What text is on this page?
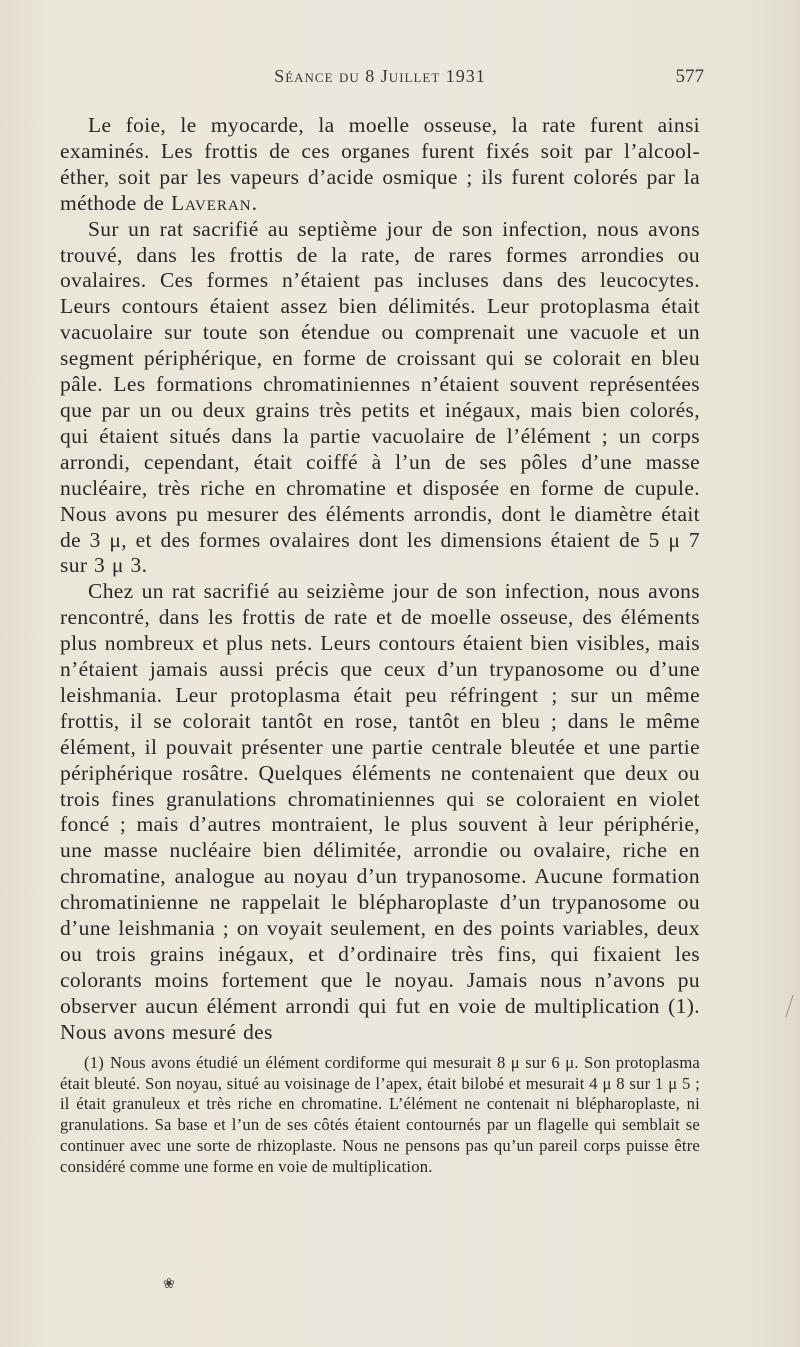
Séance du 8 Juillet 1931	577

Le foie, le myocarde, la moelle osseuse, la rate furent ainsi examinés. Les frottis de ces organes furent fixés soit par l’alcool-éther, soit par les vapeurs d’acide osmique ; ils furent colorés par la méthode de Laveran.

Sur un rat sacrifié au septième jour de son infection, nous avons trouvé, dans les frottis de la rate, de rares formes arrondies ou ovalaires. Ces formes n’étaient pas incluses dans des leucocytes. Leurs contours étaient assez bien délimités. Leur protoplasma était vacuolaire sur toute son étendue ou comprenait une vacuole et un segment périphérique, en forme de croissant qui se colorait en bleu pâle. Les formations chromatiniennes n’étaient souvent représentées que par un ou deux grains très petits et inégaux, mais bien colorés, qui étaient situés dans la partie vacuolaire de l’élément ; un corps arrondi, cependant, était coiffé à l’un de ses pôles d’une masse nucléaire, très riche en chromatine et disposée en forme de cupule. Nous avons pu mesurer des éléments arrondis, dont le diamètre était de 3 μ, et des formes ovalaires dont les dimensions étaient de 5 μ 7 sur 3 μ 3.

Chez un rat sacrifié au seizième jour de son infection, nous avons rencontré, dans les frottis de rate et de moelle osseuse, des éléments plus nombreux et plus nets. Leurs contours étaient bien visibles, mais n’étaient jamais aussi précis que ceux d’un trypanosome ou d’une leishmania. Leur protoplasma était peu réfringent ; sur un même frottis, il se colorait tantôt en rose, tantôt en bleu ; dans le même élément, il pouvait présenter une partie centrale bleutée et une partie périphérique rosâtre. Quelques éléments ne contenaient que deux ou trois fines granulations chromatiniennes qui se coloraient en violet foncé ; mais d’autres montraient, le plus souvent à leur périphérie, une masse nucléaire bien délimitée, arrondie ou ovalaire, riche en chromatine, analogue au noyau d’un trypanosome. Aucune formation chromatinienne ne rappelait le blépharoplaste d’un trypanosome ou d’une leishmania ; on voyait seulement, en des points variables, deux ou trois grains inégaux, et d’ordinaire très fins, qui fixaient les colorants moins fortement que le noyau. Jamais nous n’avons pu observer aucun élément arrondi qui fut en voie de multiplication (1). Nous avons mesuré des

(1) Nous avons étudié un élément cordiforme qui mesurait 8 μ sur 6 μ. Son protoplasma était bleuté. Son noyau, situé au voisinage de l’apex, était bilobé et mesurait 4 μ 8 sur 1 μ 5 ; il était granuleux et très riche en chromatine. L’élément ne contenait ni blépharoplaste, ni granulations. Sa base et l’un de ses côtés étaient contournés par un flagelle qui semblait se continuer avec une sorte de rhizoplaste. Nous ne pensons pas qu’un pareil corps puisse être considéré comme une forme en voie de multiplication.
❀
